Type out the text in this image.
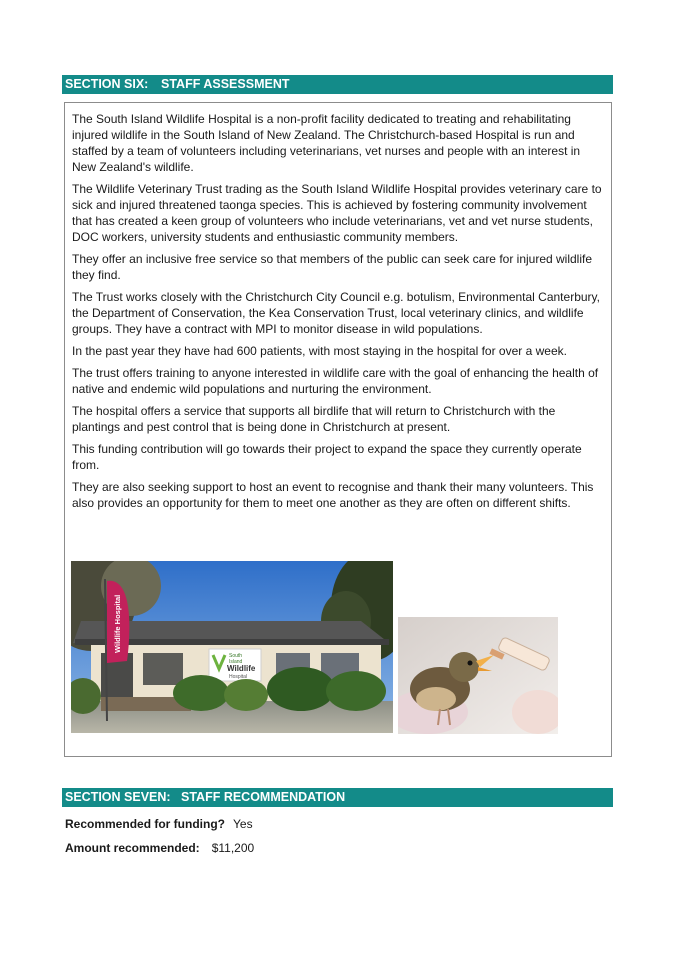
SECTION SIX: STAFF ASSESSMENT

The South Island Wildlife Hospital is a non-profit facility dedicated to treating and rehabilitating injured wildlife in the South Island of New Zealand. The Christchurch-based Hospital is run and staffed by a team of volunteers including veterinarians, vet nurses and people with an interest in New Zealand's wildlife.

The Wildlife Veterinary Trust trading as the South Island Wildlife Hospital provides veterinary care to sick and injured threatened taonga species. This is achieved by fostering community involvement that has created a keen group of volunteers who include veterinarians, vet and vet nurse students, DOC workers, university students and enthusiastic community members.

They offer an inclusive free service so that members of the public can seek care for injured wildlife they find.

The Trust works closely with the Christchurch City Council e.g. botulism, Environmental Canterbury, the Department of Conservation, the Kea Conservation Trust, local veterinary clinics, and wildlife groups. They have a contract with MPI to monitor disease in wild populations.

In the past year they have had 600 patients, with most staying in the hospital for over a week.

The trust offers training to anyone interested in wildlife care with the goal of enhancing the health of native and endemic wild populations and nurturing the environment.

The hospital offers a service that supports all birdlife that will return to Christchurch with the plantings and pest control that is being done in Christchurch at present.

This funding contribution will go towards their project to expand the space they currently operate from.

They are also seeking support to host an event to recognise and thank their many volunteers. This also provides an opportunity for them to meet one another as they are often on different shifts.

South
Island
Wildlife
Hospital
Wildlife Hospital
SECTION SEVEN: STAFF RECOMMENDATION
Recommended for funding? Yes
Amount recommended: $11,200
